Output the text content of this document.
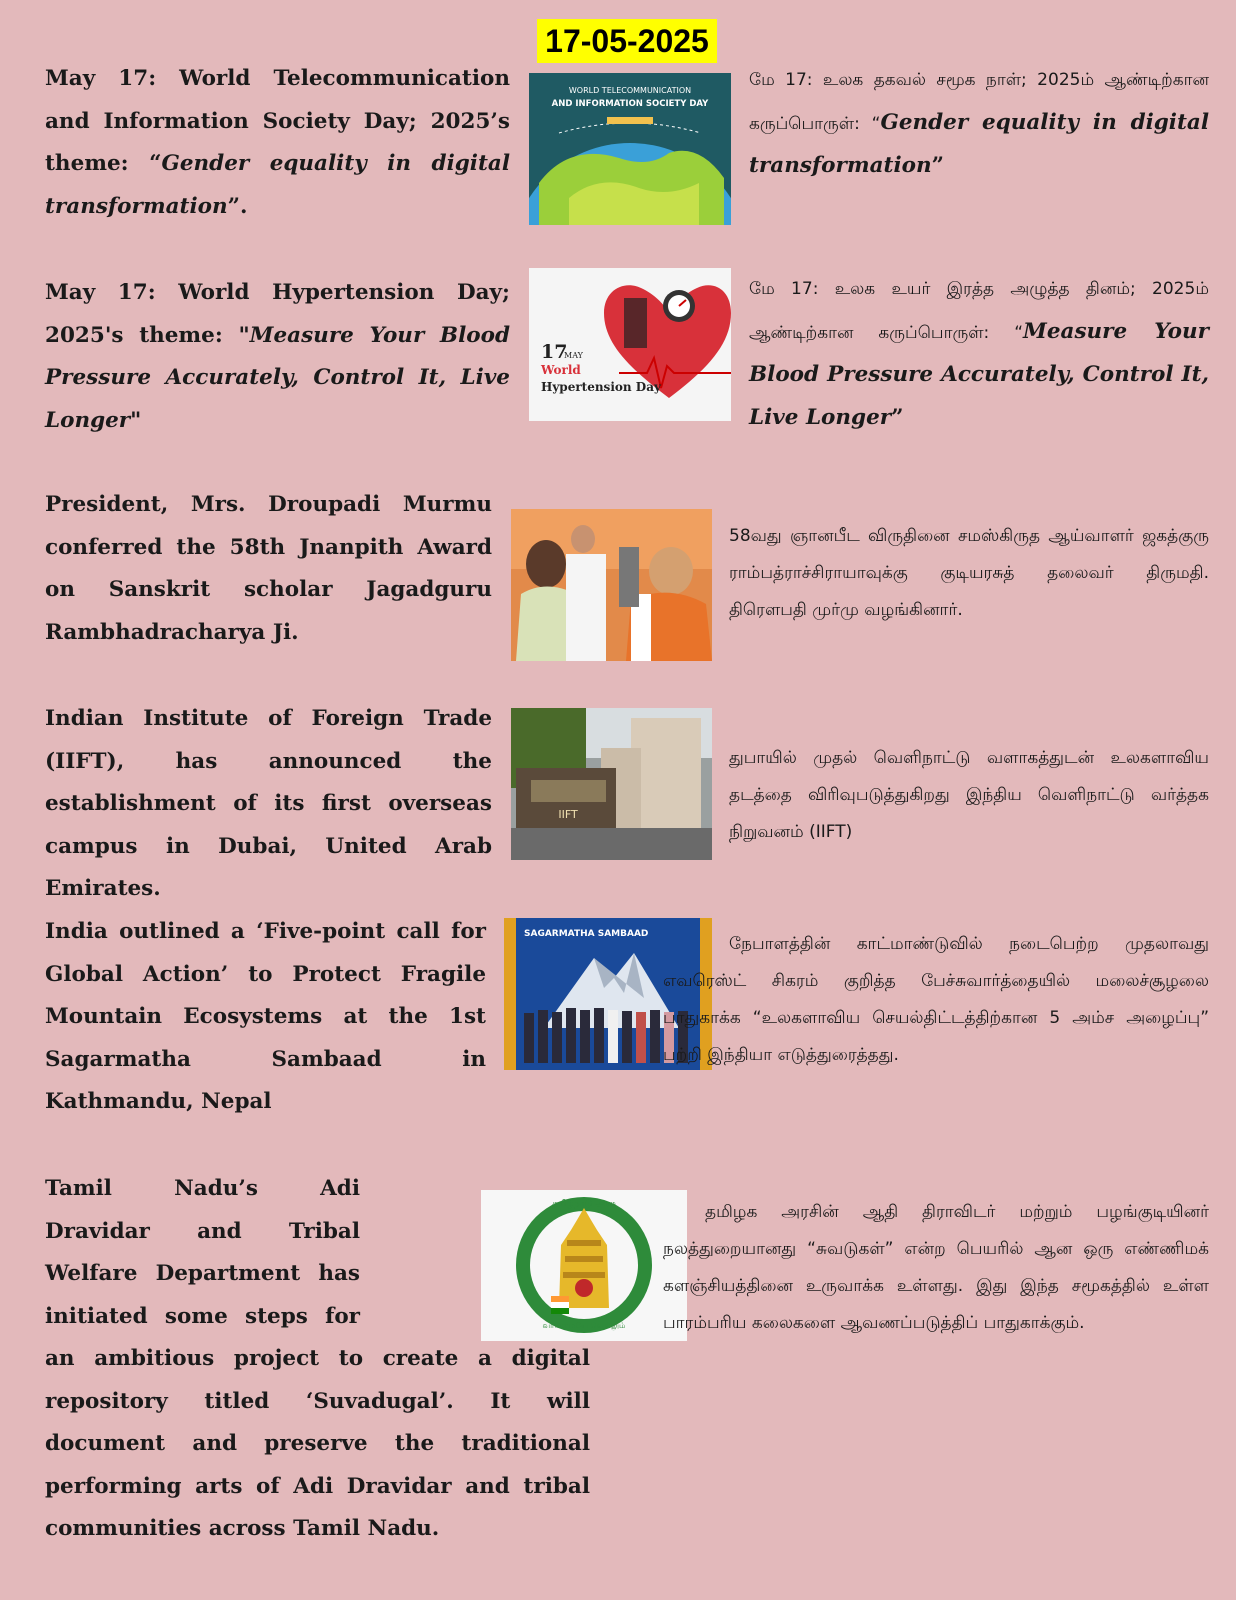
17-05-2025
May 17: World Telecommunication and Information Society Day; 2025’s theme: “Gender equality in digital transformation”.
WORLD TELECOMMUNICATION
AND INFORMATION SOCIETY DAY
மே 17: உலக தகவல் சமூக நாள்; 2025ம் ஆண்டிற்கான கருப்பொருள்: “Gender equality in digital transformation”
May 17: World Hypertension Day; 2025's theme: "Measure Your Blood Pressure Accurately, Control It, Live Longer"
17
MAY
World
Hypertension Day
மே 17: உலக உயர் இரத்த அழுத்த தினம்; 2025ம் ஆண்டிற்கான கருப்பொருள்: “Measure Your Blood Pressure Accurately, Control It, Live Longer”
President, Mrs. Droupadi Murmu conferred the 58th Jnanpith Award on Sanskrit scholar Jagadguru Rambhadracharya Ji.
58வது ஞானபீட விருதினை சமஸ்கிருத ஆய்வாளர் ஜகத்குரு ராம்பத்ராச்சிராயாவுக்கு குடியரசுத் தலைவர் திருமதி. திரௌபதி முர்மு வழங்கினார்.
Indian Institute of Foreign Trade (IIFT), has announced the establishment of its first overseas campus in Dubai, United Arab Emirates.
IIFT
துபாயில் முதல் வெளிநாட்டு வளாகத்துடன் உலகளாவிய தடத்தை விரிவுபடுத்துகிறது இந்திய வெளிநாட்டு வர்த்தக நிறுவனம் (IIFT)
India outlined a ‘Five-point call for Global Action’ to Protect Fragile Mountain Ecosystems at the 1st Sagarmatha Sambaad in Kathmandu, Nepal
SAGARMATHA SAMBAAD	நேபாளத்தின் காட்மாண்டுவில் நடைபெற்ற முதலாவது எவரெஸ்ட் சிகரம் குறித்த பேச்சுவார்த்தையில் மலைச்சூழலை பாதுகாக்க “உலகளாவிய செயல்திட்டத்திற்கான 5 அம்ச அழைப்பு” பற்றி இந்தியா எடுத்துரைத்தது.
Tamil Nadu’s Adi Dravidar and Tribal Welfare Department has initiated some steps for an ambitious project to create a digital repository titled ‘Suvadugal’. It will document and preserve the traditional performing arts of Adi Dravidar and tribal communities across Tamil Nadu.
தமிழ்நாடு அரசு
வாய்மையே வெல்லும்
தமிழக அரசின் ஆதி திராவிடர் மற்றும் பழங்குடியினர் நலத்துறையானது “சுவடுகள்” என்ற பெயரில் ஆன ஒரு எண்ணிமக் களஞ்சியத்தினை உருவாக்க உள்ளது. இது இந்த சமூகத்தில் உள்ள பாரம்பரிய கலைகளை ஆவணப்படுத்திப் பாதுகாக்கும்.
